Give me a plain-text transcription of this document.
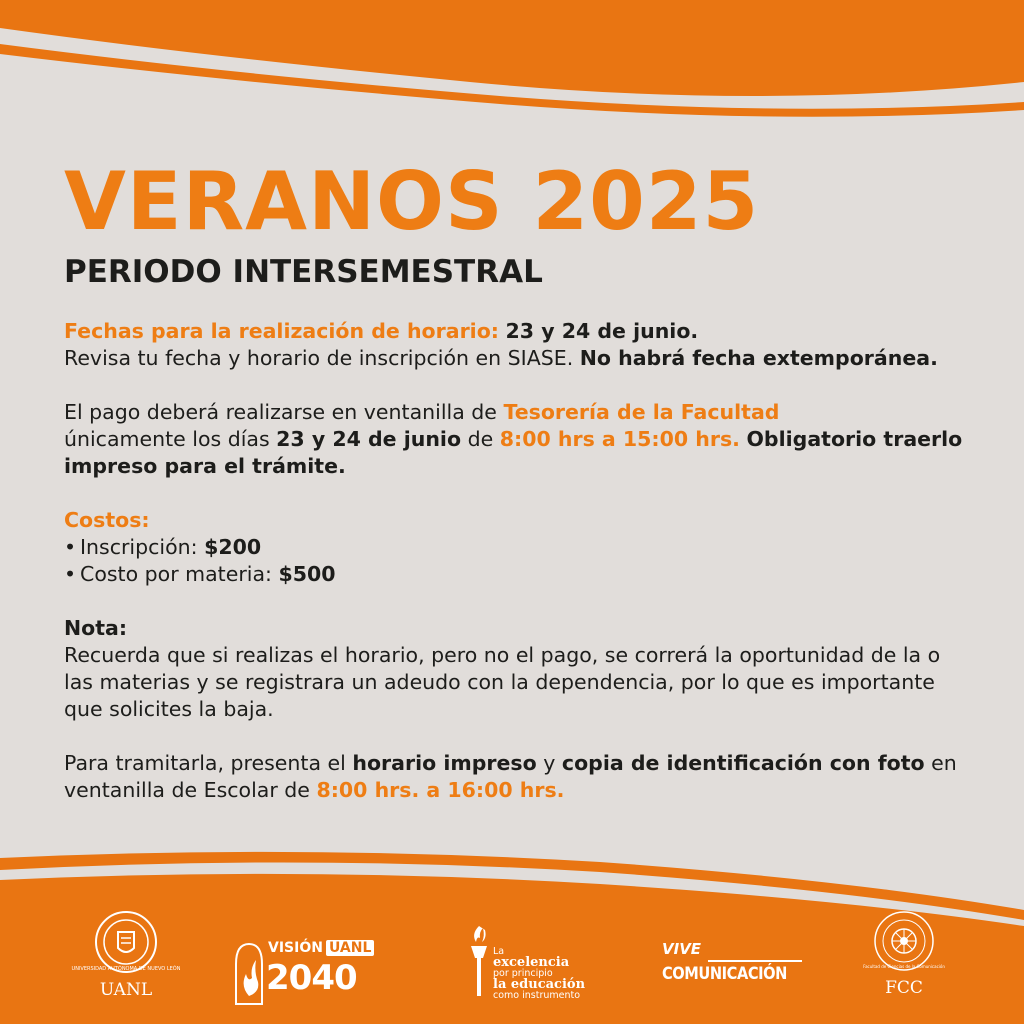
VERANOS 2025
PERIODO INTERSEMESTRAL

Fechas para la realización de horario: 23 y 24 de junio.
Revisa tu fecha y horario de inscripción en SIASE. No habrá fecha extemporánea.

El pago deberá realizarse en ventanilla de Tesorería de la Facultad
únicamente los días 23 y 24 de junio de 8:00 hrs a 15:00 hrs. Obligatorio traerlo impreso para el trámite.

Costos:

• Inscripción: $200
• Costo por materia: $500

Nota:

Recuerda que si realizas el horario, pero no el pago, se correrá la oportunidad de la o las materias y se registrara un adeudo con la dependencia, por lo que es importante que solicites la baja.

Para tramitarla, presenta el horario impreso y copia de identificación con foto en ventanilla de Escolar de 8:00 hrs. a 16:00 hrs.

UNIVERSIDAD AUTÓNOMA DE NUEVO LEÓN
UANL
VISIÓN UANL
2040
La
excelencia
por principio
la educación
como instrumento
VIVE
COMUNICACIÓN	Facultad de Ciencias de la Comunicación
FCC
